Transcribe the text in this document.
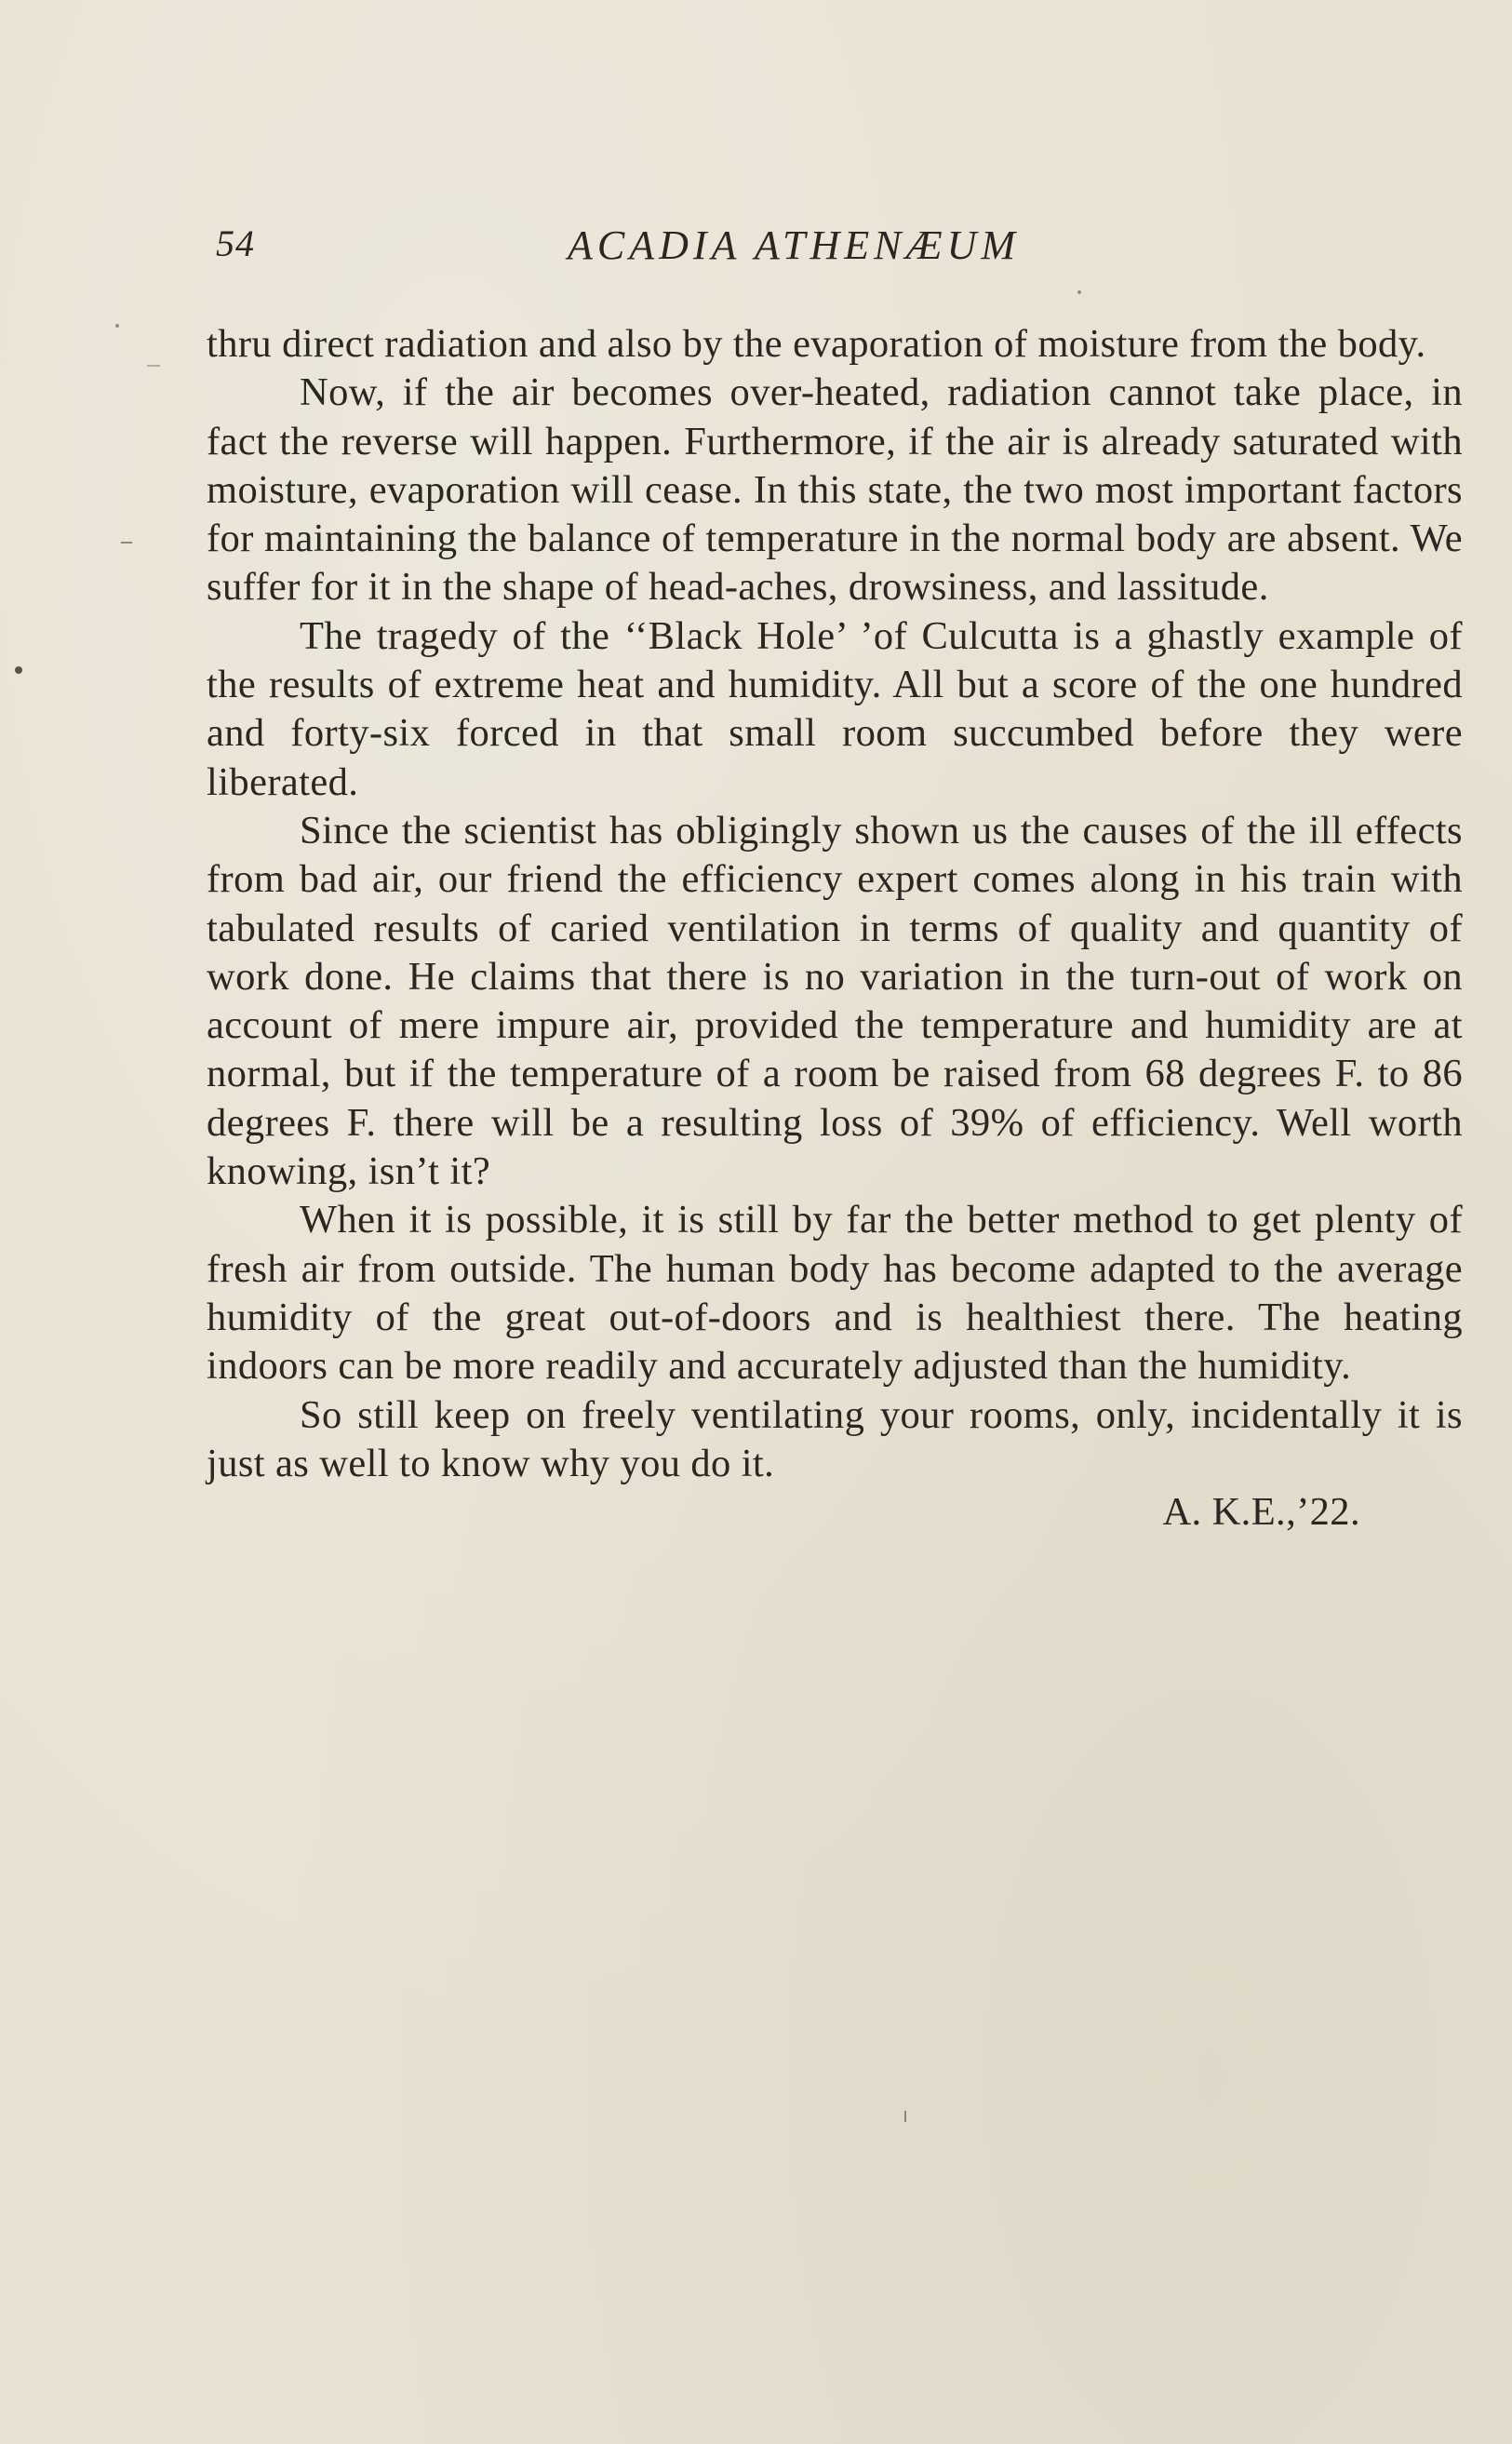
54	ACADIA ATHENÆUM

thru direct radiation and also by the evaporation of moisture from the body.

Now, if the air becomes over-heated, radiation cannot take place, in fact the reverse will happen. Furthermore, if the air is already saturated with moisture, evaporation will cease. In this state, the two most important factors for maintaining the balance of temperature in the normal body are absent. We suffer for it in the shape of head-aches, drowsiness, and lassitude.

The tragedy of the ‘‘Black Hole’ ’of Culcutta is a ghastly example of the results of extreme heat and humidity. All but a score of the one hundred and forty-six forced in that small room succumbed before they were liberated.

Since the scientist has obligingly shown us the causes of the ill effects from bad air, our friend the efficiency expert comes along in his train with tabulated results of caried ventilation in terms of quality and quantity of work done. He claims that there is no variation in the turn-out of work on account of mere impure air, provided the temperature and humidity are at normal, but if the temperature of a room be raised from 68 degrees F. to 86 degrees F. there will be a resulting loss of 39% of efficiency. Well worth knowing, isn’t it?

When it is possible, it is still by far the better method to get plenty of fresh air from outside. The human body has become adapted to the average humidity of the great out-of-doors and is healthiest there. The heating indoors can be more readily and accurately adjusted than the humidity.

So still keep on freely ventilating your rooms, only, incidentally it is just as well to know why you do it.

A. K.E.,’22.
